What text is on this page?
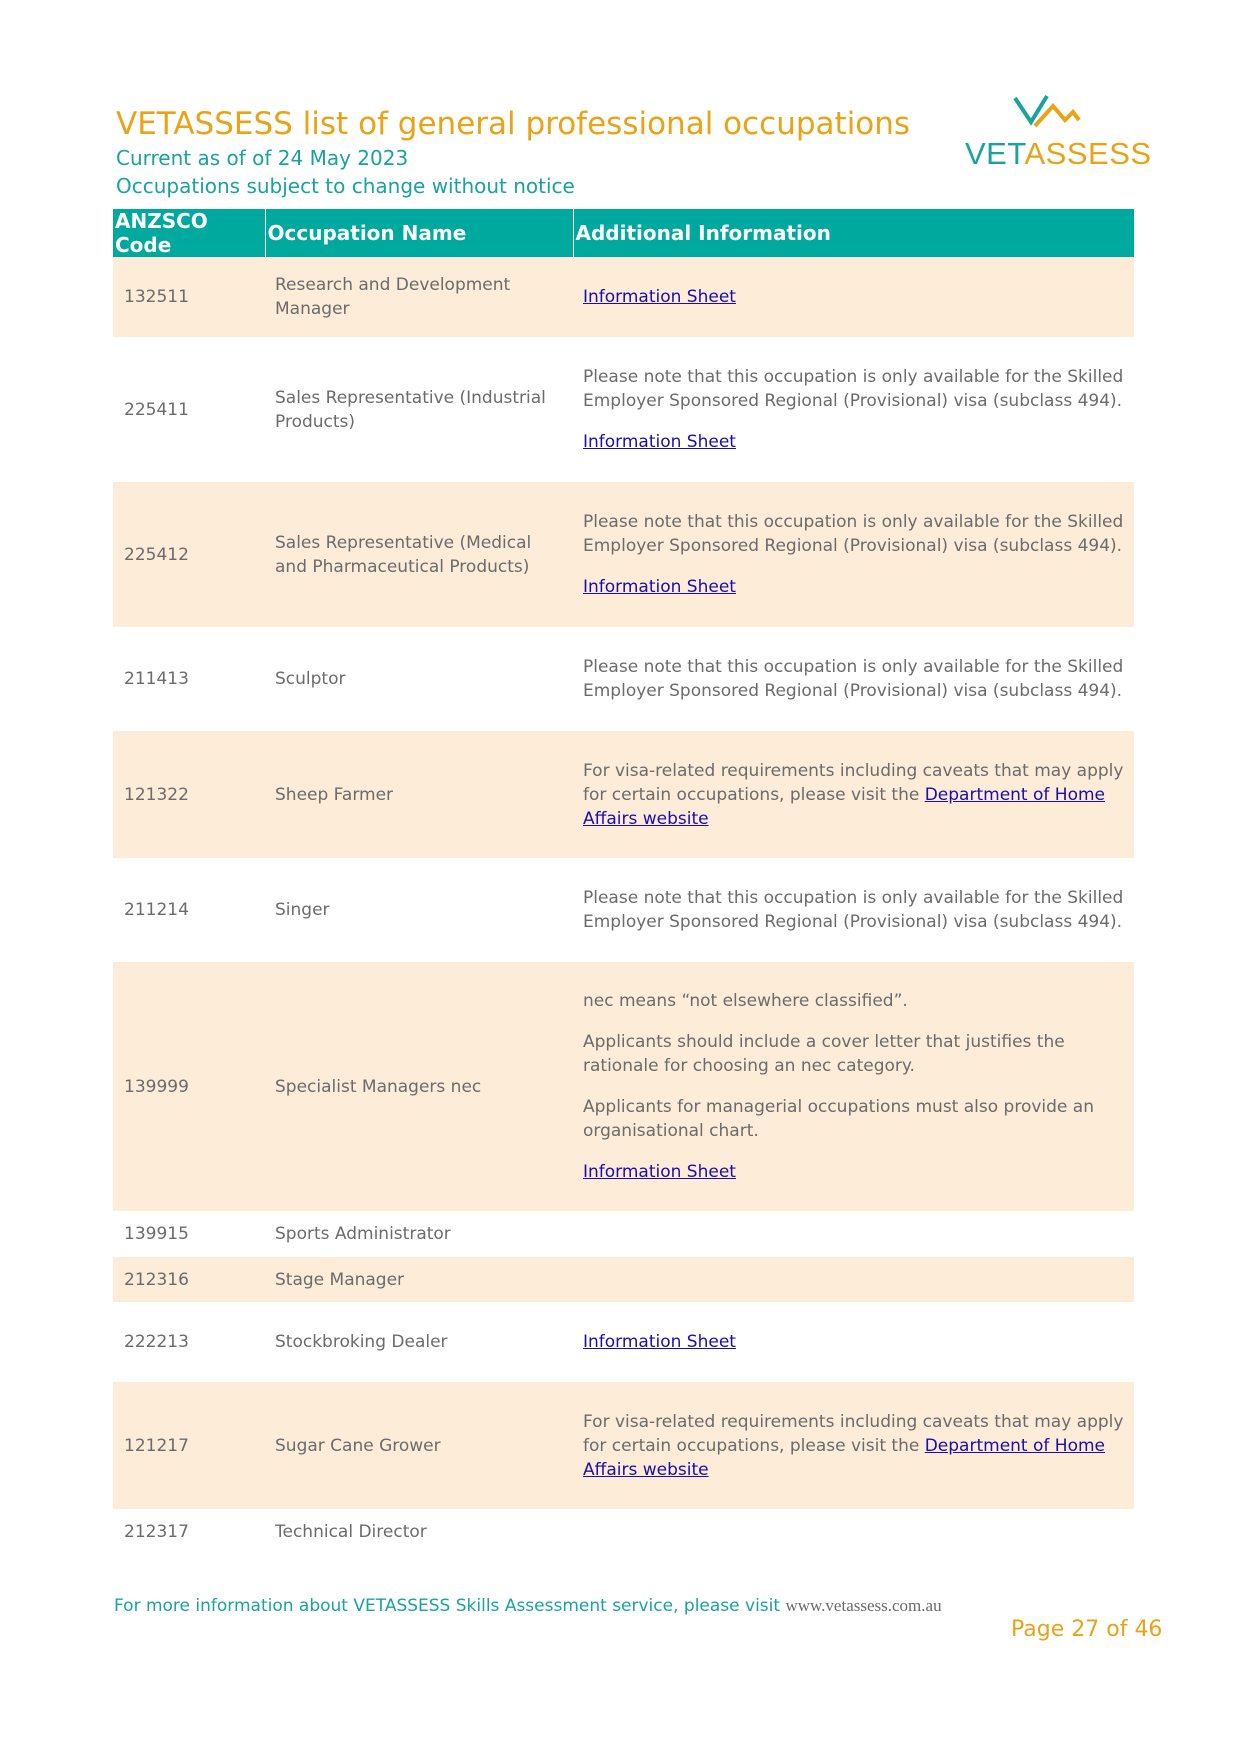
VETASSESS list of general professional occupations
Current as of of 24 May 2023
Occupations subject to change without notice
VETASSESS
ANZSCO Code	Occupation Name	Additional Information
132511	Research and Development Manager	Information Sheet

225411	Sales Representative (Industrial Products)	Please note that this occupation is only available for the Skilled Employer Sponsored Regional (Provisional) visa (subclass 494).
Information Sheet

225412	Sales Representative (Medical and Pharmaceutical Products)	Please note that this occupation is only available for the Skilled Employer Sponsored Regional (Provisional) visa (subclass 494).
Information Sheet

211413	Sculptor	Please note that this occupation is only available for the Skilled Employer Sponsored Regional (Provisional) visa (subclass 494).

121322	Sheep Farmer	For visa-related requirements including caveats that may apply for certain occupations, please visit the Department of Home Affairs website

211214	Singer	Please note that this occupation is only available for the Skilled Employer Sponsored Regional (Provisional) visa (subclass 494).

139999	Specialist Managers nec	nec means “not elsewhere classified”.
Applicants should include a cover letter that justifies the rationale for choosing an nec category.
Applicants for managerial occupations must also provide an organisational chart.
Information Sheet

139915	Sports Administrator	
212316	Stage Manager	
222213	Stockbroking Dealer	Information Sheet

121217	Sugar Cane Grower	For visa-related requirements including caveats that may apply for certain occupations, please visit the Department of Home Affairs website

212317	Technical Director	
For more information about VETASSESS Skills Assessment service, please visit www.vetassess.com.au
Page 27 of 46
